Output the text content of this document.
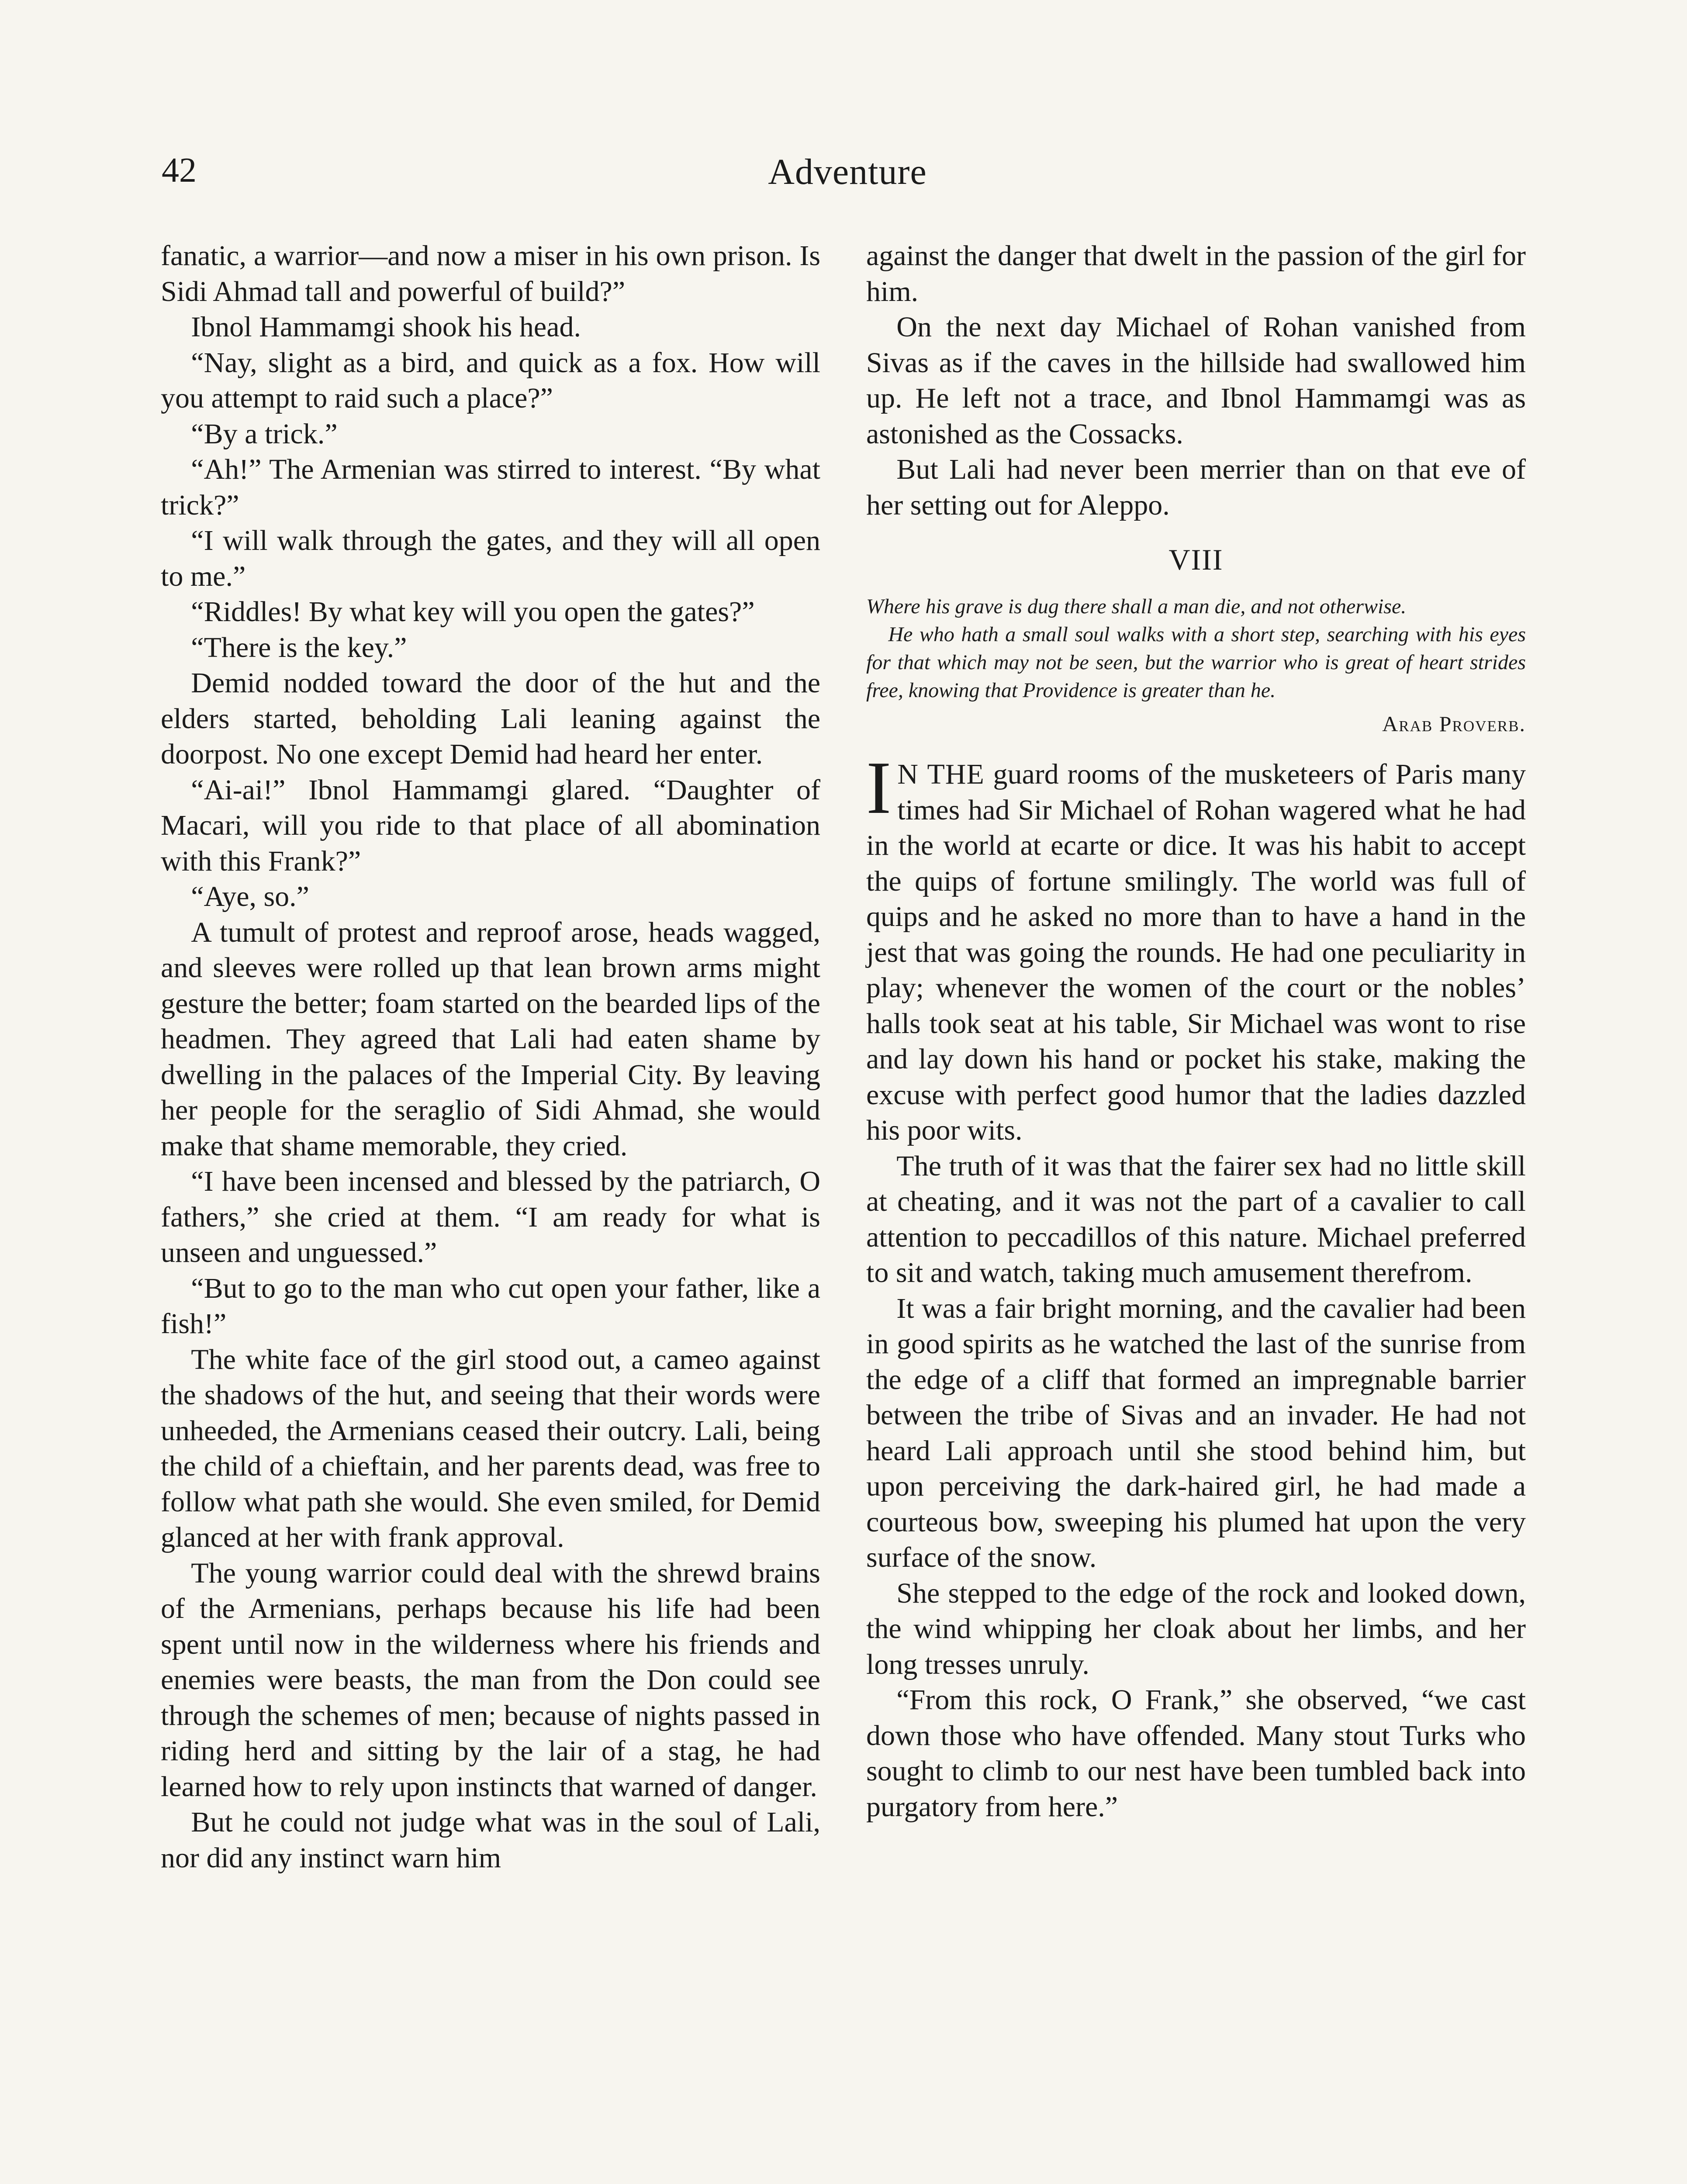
42	Adventure

fanatic, a warrior—and now a miser in his own prison. Is Sidi Ahmad tall and powerful of build?”

Ibnol Hammamgi shook his head.

“Nay, slight as a bird, and quick as a fox. How will you attempt to raid such a place?”

“By a trick.”

“Ah!” The Armenian was stirred to interest. “By what trick?”

“I will walk through the gates, and they will all open to me.”

“Riddles! By what key will you open the gates?”

“There is the key.”

Demid nodded toward the door of the hut and the elders started, beholding Lali leaning against the doorpost. No one except Demid had heard her enter.

“Ai-ai!” Ibnol Hammamgi glared. “Daughter of Macari, will you ride to that place of all abomination with this Frank?”

“Aye, so.”

A tumult of protest and reproof arose, heads wagged, and sleeves were rolled up that lean brown arms might gesture the better; foam started on the bearded lips of the headmen. They agreed that Lali had eaten shame by dwelling in the palaces of the Imperial City. By leaving her people for the seraglio of Sidi Ahmad, she would make that shame memorable, they cried.

“I have been incensed and blessed by the patriarch, O fathers,” she cried at them. “I am ready for what is unseen and unguessed.”

“But to go to the man who cut open your father, like a fish!”

The white face of the girl stood out, a cameo against the shadows of the hut, and seeing that their words were unheeded, the Armenians ceased their outcry. Lali, being the child of a chieftain, and her parents dead, was free to follow what path she would. She even smiled, for Demid glanced at her with frank approval.

The young warrior could deal with the shrewd brains of the Armenians, perhaps because his life had been spent until now in the wilderness where his friends and enemies were beasts, the man from the Don could see through the schemes of men; because of nights passed in riding herd and sitting by the lair of a stag, he had learned how to rely upon instincts that warned of danger.

But he could not judge what was in the soul of Lali, nor did any instinct warn him

against the danger that dwelt in the passion of the girl for him.

On the next day Michael of Rohan vanished from Sivas as if the caves in the hillside had swallowed him up. He left not a trace, and Ibnol Hammamgi was as astonished as the Cossacks.

But Lali had never been merrier than on that eve of her setting out for Aleppo.

VIII

Where his grave is dug there shall a man die, and not otherwise.

He who hath a small soul walks with a short step, searching with his eyes for that which may not be seen, but the warrior who is great of heart strides free, knowing that Providence is greater than he.

Arab Proverb.

I N THE guard rooms of the musketeers of Paris many times had Sir Michael of Rohan wagered what he had in the world at ecarte or dice. It was his habit to accept the quips of fortune smilingly. The world was full of quips and he asked no more than to have a hand in the jest that was going the rounds. He had one peculiarity in play; whenever the women of the court or the nobles’ halls took seat at his table, Sir Michael was wont to rise and lay down his hand or pocket his stake, making the excuse with perfect good humor that the ladies dazzled his poor wits.

The truth of it was that the fairer sex had no little skill at cheating, and it was not the part of a cavalier to call attention to peccadillos of this nature. Michael preferred to sit and watch, taking much amusement therefrom.

It was a fair bright morning, and the cavalier had been in good spirits as he watched the last of the sunrise from the edge of a cliff that formed an impregnable barrier between the tribe of Sivas and an invader. He had not heard Lali approach until she stood behind him, but upon perceiving the dark-haired girl, he had made a courteous bow, sweeping his plumed hat upon the very surface of the snow.

She stepped to the edge of the rock and looked down, the wind whipping her cloak about her limbs, and her long tresses unruly.

“From this rock, O Frank,” she observed, “we cast down those who have offended. Many stout Turks who sought to climb to our nest have been tumbled back into purgatory from here.”
